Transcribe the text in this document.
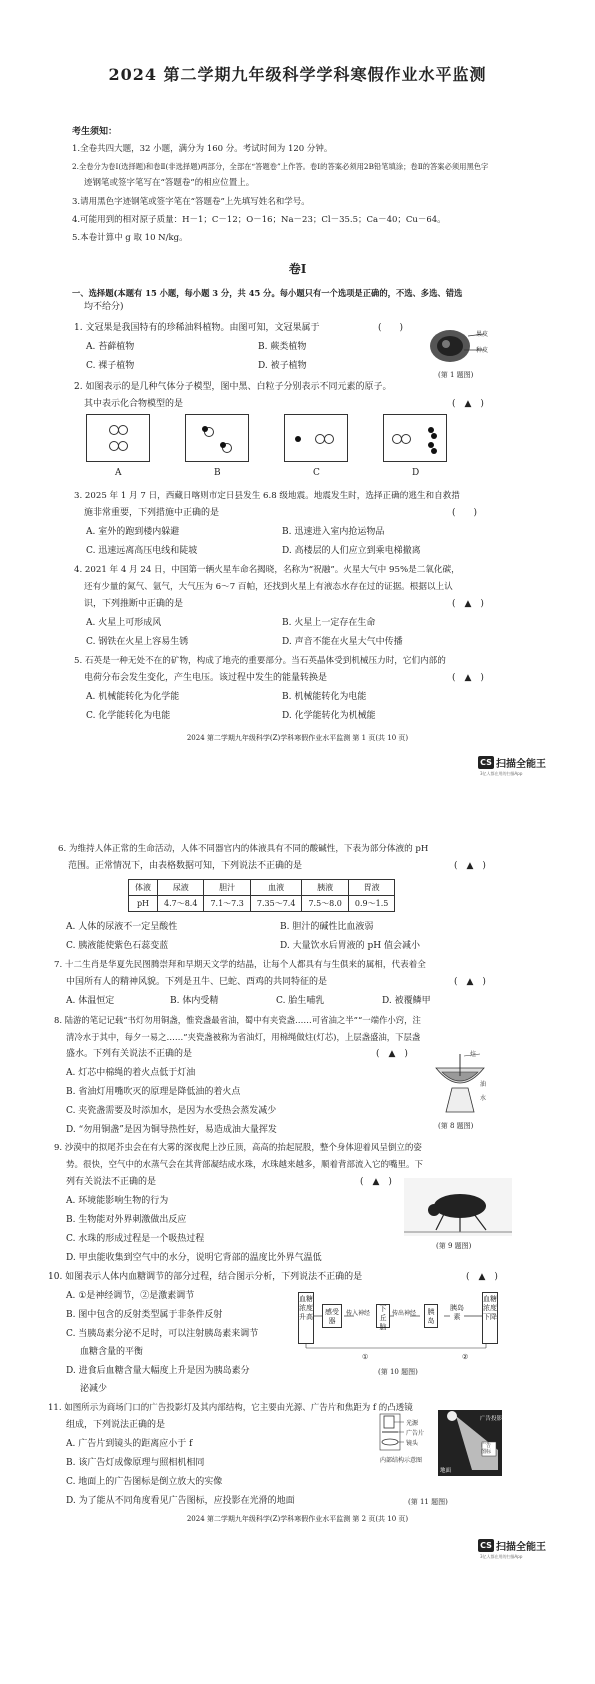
2024 第二学期九年级科学学科寒假作业水平监测
考生须知：
1.全卷共四大题，32 小题，满分为 160 分。考试时间为 120 分钟。
2.全卷分为卷Ⅰ(选择题)和卷Ⅱ(非选择题)两部分，全部在“答题卷”上作答。卷Ⅰ的答案必须用2B铅笔填涂；卷Ⅱ的答案必须用黑色字
迹钢笔或签字笔写在“答题卷”的相应位置上。
3.请用黑色字迹钢笔或签字笔在“答题卷”上先填写姓名和学号。
4.可能用到的相对原子质量：H－1；C－12；O－16；Na－23；Cl－35.5；Ca－40；Cu－64。
5.本卷计算中 g 取 10 N/kg。
卷Ⅰ
一、选择题(本题有 15 小题，每小题 3 分，共 45 分。每小题只有一个选项是正确的，不选、多选、错选
均不给分)
1. 文冠果是我国特有的珍稀油料植物。由图可知，文冠果属于	(　　)
A. 苔藓植物	B. 蕨类植物
C. 裸子植物	D. 被子植物
果皮
种皮
(第 1 题图)
2. 如图表示的是几种气体分子模型，图中黑、白粒子分别表示不同元素的原子。
其中表示化合物模型的是	(　▲　)
A	B	C	D
3. 2025 年 1 月 7 日，西藏日喀则市定日县发生 6.8 级地震。地震发生时，选择正确的逃生和自救措
施非常重要，下列措施中正确的是	(　　)
A. 室外的跑到楼内躲避	B. 迅速进入室内抢运物品
C. 迅速远离高压电线和陡坡	D. 高楼层的人们应立到乘电梯撤离
4. 2021 年 4 月 24 日，中国第一辆火星车命名揭晓，名称为“祝融”。火星大气中 95%是二氧化碳，
还有少量的氮气、氩气，大气压为 6～7 百帕，还找到火星上有液态水存在过的证据。根据以上认
识，下列推断中正确的是	(　▲　)
A. 火星上可形成风	B. 火星上一定存在生命
C. 钢铁在火星上容易生锈	D. 声音不能在火星大气中传播
5. 石英是一种无处不在的矿物，构成了地壳的重要部分。当石英晶体受到机械压力时，它们内部的
电荷分布会发生变化，产生电压。该过程中发生的能量转换是	(　▲　)
A. 机械能转化为化学能	B. 机械能转化为电能
C. 化学能转化为电能	D. 化学能转化为机械能
2024 第二学期九年级科学(Z)学科寒假作业水平监测 第 1 页(共 10 页)
CS 扫描全能王
3亿人都在用的扫描App
6. 为维持人体正常的生命活动，人体不同器官内的体液具有不同的酸碱性，下表为部分体液的 pH
范围。正常情况下，由表格数据可知，下列说法不正确的是	(　▲　)
体液	尿液	胆汁	血液	胰液	胃液
pH	4.7～8.4	7.1～7.3	7.35～7.4	7.5～8.0	0.9～1.5
A. 人体的尿液不一定呈酸性	B. 胆汁的碱性比血液弱
C. 胰液能使紫色石蕊变蓝	D. 大量饮水后胃液的 pH 值会减小
7. 十二生肖是华夏先民图腾崇拜和早期天文学的结晶，让每个人都具有与生俱来的属相，代表着全
中国所有人的精神风貌。下列是丑牛、巳蛇、酉鸡的共同特征的是	(　▲　)
A. 体温恒定	B. 体内受精	C. 胎生哺乳	D. 被覆鳞甲
8. 陆游的笔记记载“书灯勿用铜盏，惟瓷盏最省油，蜀中有夹瓷盏……可省油之半”“一端作小窍，注
清冷水于其中，每夕一易之……”夹瓷盏被称为省油灯，用棉绳做炷(灯芯)，上层盏盛油，下层盏
盛水。下列有关说法不正确的是	(　▲　)
A. 灯芯中棉绳的着火点低于灯油
B. 省油灯用嘴吹灭的原理是降低油的着火点
C. 夹瓷盏需要及时添加水，是因为水受热会蒸发减少
D. “勿用铜盏”是因为铜导热性好，易造成油大量挥发
炷
油
水
(第 8 题图)
9. 沙漠中的拟尾芥虫会在有大雾的深夜爬上沙丘顶，高高的抬起屁股，整个身体迎着风呈倒立的姿
势。很快，空气中的水蒸气会在其背部凝结成水珠，水珠越来越多，顺着背部流入它的嘴里。下
列有关说法不正确的是	(　▲　)
A. 环境能影响生物的行为
B. 生物能对外界刺激做出反应
C. 水珠的形成过程是一个吸热过程
D. 甲虫能收集到空气中的水分，说明它背部的温度比外界气温低
(第 9 题图)
10. 如图表示人体内血糖调节的部分过程，结合图示分析，下列说法不正确的是	(　▲　)
A. ①是神经调节，②是激素调节
B. 图中包含的反射类型属于非条件反射
C. 当胰岛素分泌不足时，可以注射胰岛素来调节
血糖含量的平衡
D. 进食后血糖含量大幅度上升是因为胰岛素分
泌减少
血糖浓度升高
感受器
传入神经
下丘脑
传出神经	胰岛
胰岛素
血糖浓度下降
①	②
(第 10 题图)
11. 如图所示为商场门口的广告投影灯及其内部结构，它主要由光源、广告片和焦距为 f 的凸透镜
组成，下列说法正确的是
A. 广告片到镜头的距离应小于 f
B. 该广告灯成像原理与照相机相同
C. 地面上的广告图标是倒立放大的实像
D. 为了能从不同角度看见广告图标，应投影在光滑的地面
光源
广告片
镜头
内部结构示意图
广告投影灯
广告图标
地面
(第 11 题图)
2024 第二学期九年级科学(Z)学科寒假作业水平监测 第 2 页(共 10 页)
CS 扫描全能王
3亿人都在用的扫描App
